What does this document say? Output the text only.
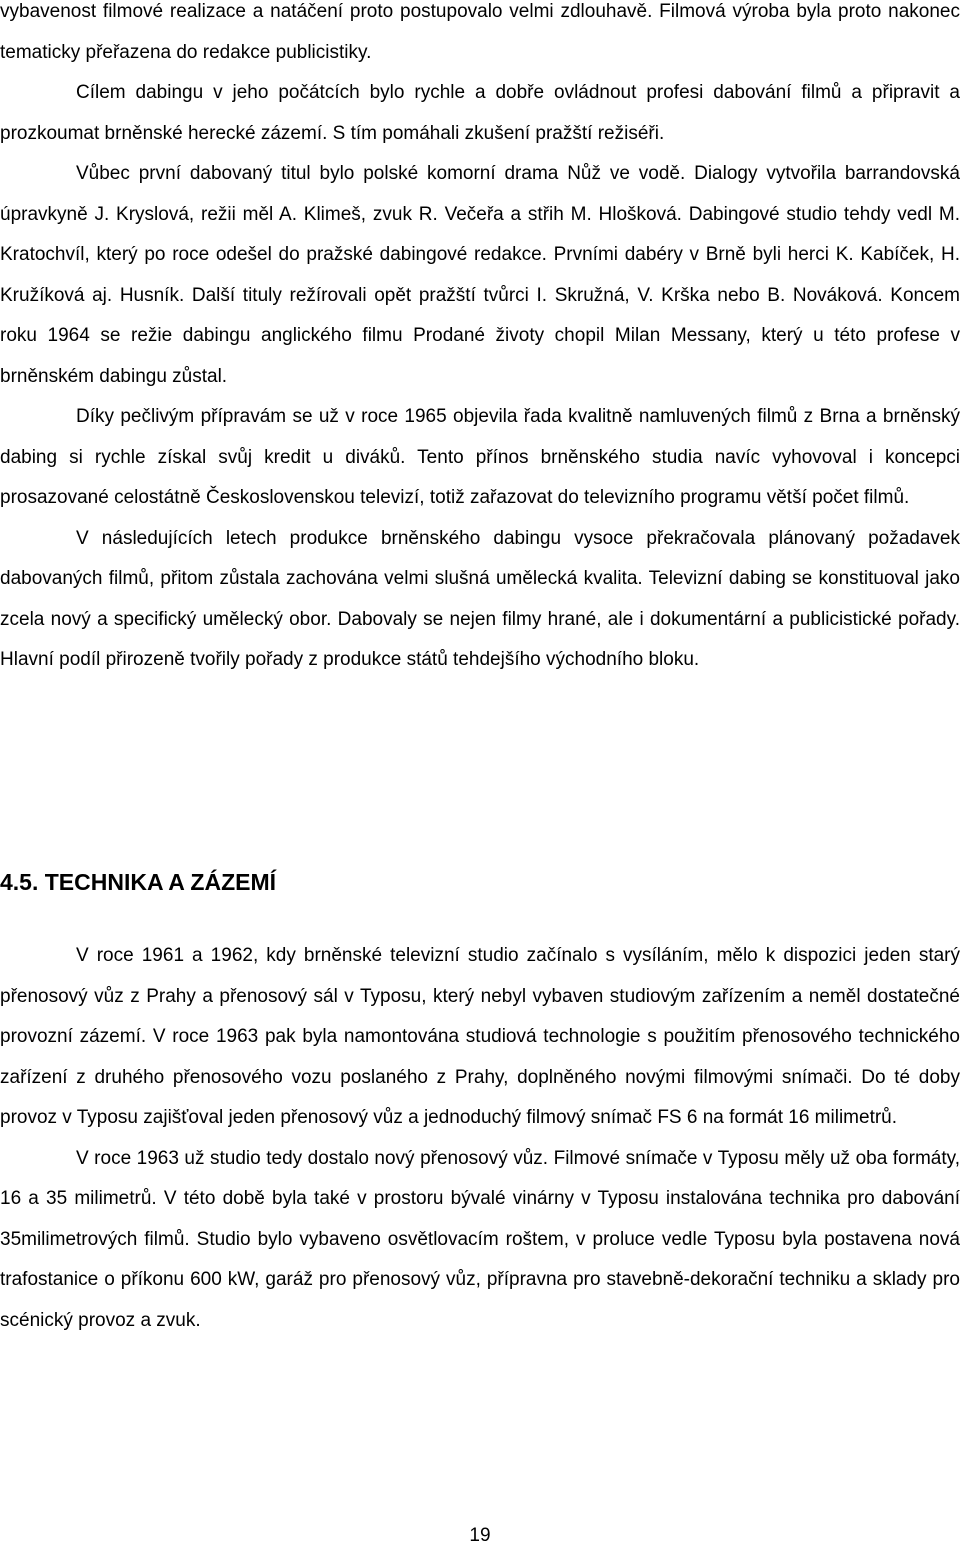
vybavenost filmové realizace a natáčení proto postupovalo velmi zdlouhavě. Filmová výroba byla proto nakonec tematicky přeřazena do redakce publicistiky.

Cílem dabingu v jeho počátcích bylo rychle a dobře ovládnout profesi dabování filmů a připravit a prozkoumat brněnské herecké zázemí. S tím pomáhali zkušení pražští režiséři.

Vůbec první dabovaný titul bylo polské komorní drama Nůž ve vodě. Dialogy vytvořila barrandovská úpravkyně J. Kryslová, režii měl A. Klimeš, zvuk R. Večeřa a střih M. Hlošková. Dabingové studio tehdy vedl M. Kratochvíl, který po roce odešel do pražské dabingové redakce. Prvními dabéry v Brně byli herci K. Kabíček, H. Kružíková aj. Husník. Další tituly režírovali opět pražští tvůrci I. Skružná, V. Krška nebo B. Nováková. Koncem roku 1964 se režie dabingu anglického filmu Prodané životy chopil Milan Messany, který u této profese v brněnském dabingu zůstal.

Díky pečlivým přípravám se už v roce 1965 objevila řada kvalitně namluvených filmů z Brna a brněnský dabing si rychle získal svůj kredit u diváků. Tento přínos brněnského studia navíc vyhovoval i koncepci prosazované celostátně Československou televizí, totiž zařazovat do televizního programu větší počet filmů.

V následujících letech produkce brněnského dabingu vysoce překračovala plánovaný požadavek dabovaných filmů, přitom zůstala zachována velmi slušná umělecká kvalita. Televizní dabing se konstituoval jako zcela nový a specifický umělecký obor. Dabovaly se nejen filmy hrané, ale i dokumentární a publicistické pořady. Hlavní podíl přirozeně tvořily pořady z produkce států tehdejšího východního bloku.

4.5. TECHNIKA A ZÁZEMÍ

V roce 1961 a 1962, kdy brněnské televizní studio začínalo s vysíláním, mělo k dispozici jeden starý přenosový vůz z Prahy a přenosový sál v Typosu, který nebyl vybaven studiovým zařízením a neměl dostatečné provozní zázemí. V roce 1963 pak byla namontována studiová technologie s použitím přenosového technického zařízení z druhého přenosového vozu poslaného z Prahy, doplněného novými filmovými snímači. Do té doby provoz v Typosu zajišťoval jeden přenosový vůz a jednoduchý filmový snímač FS 6 na formát 16 milimetrů.

V roce 1963 už studio tedy dostalo nový přenosový vůz. Filmové snímače v Typosu měly už oba formáty, 16 a 35 milimetrů. V této době byla také v prostoru bývalé vinárny v Typosu instalována technika pro dabování 35milimetrových filmů. Studio bylo vybaveno osvětlovacím roštem, v proluce vedle Typosu byla postavena nová trafostanice o příkonu 600 kW, garáž pro přenosový vůz, přípravna pro stavebně-dekorační techniku a sklady pro scénický provoz a zvuk.

19
